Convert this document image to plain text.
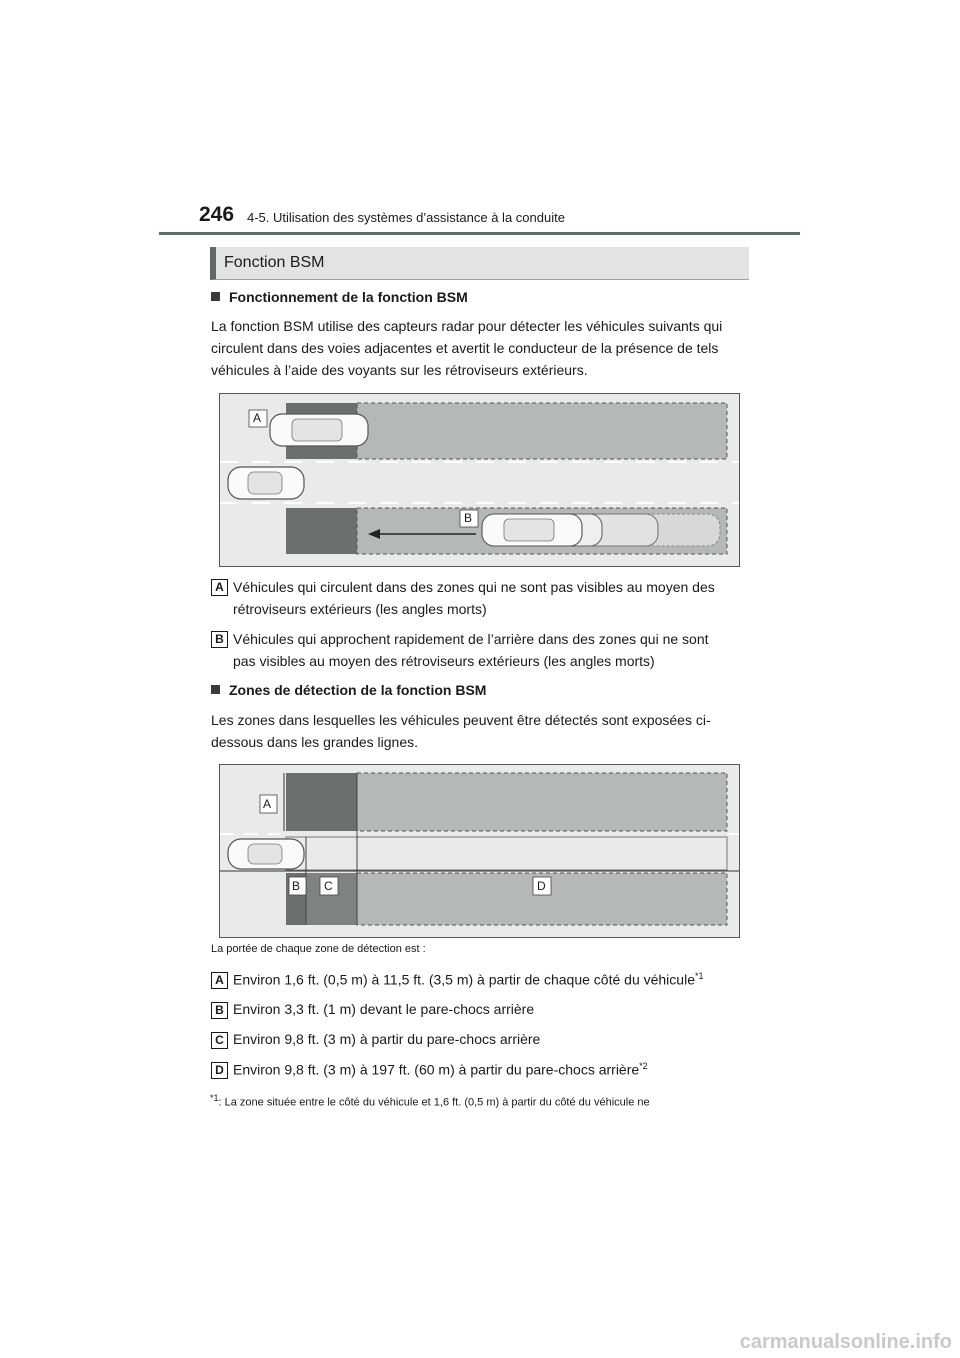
246 4-5. Utilisation des systèmes d’assistance à la conduite
Fonction BSM
Fonctionnement de la fonction BSM
La fonction BSM utilise des capteurs radar pour détecter les véhicules suivants qui
circulent dans des voies adjacentes et avertit le conducteur de la présence de tels
véhicules à l’aide des voyants sur les rétroviseurs extérieurs.
A
B
A Véhicules qui circulent dans des zones qui ne sont pas visibles au moyen des
rétroviseurs extérieurs (les angles morts)
B Véhicules qui approchent rapidement de l’arrière dans des zones qui ne sont
pas visibles au moyen des rétroviseurs extérieurs (les angles morts)
Zones de détection de la fonction BSM
Les zones dans lesquelles les véhicules peuvent être détectés sont exposées ci-
dessous dans les grandes lignes.
A
B C	D
La portée de chaque zone de détection est :
A Environ 1,6 ft. (0,5 m) à 11,5 ft. (3,5 m) à partir de chaque côté du véhicule$^{*1}$
B Environ 3,3 ft. (1 m) devant le pare-chocs arrière
C Environ 9,8 ft. (3 m) à partir du pare-chocs arrière
D Environ 9,8 ft. (3 m) à 197 ft. (60 m) à partir du pare-chocs arrière$^{*2}$
$^{*1}$: La zone située entre le côté du véhicule et 1,6 ft. (0,5 m) à partir du côté du véhicule ne
carmanualsonline.info
